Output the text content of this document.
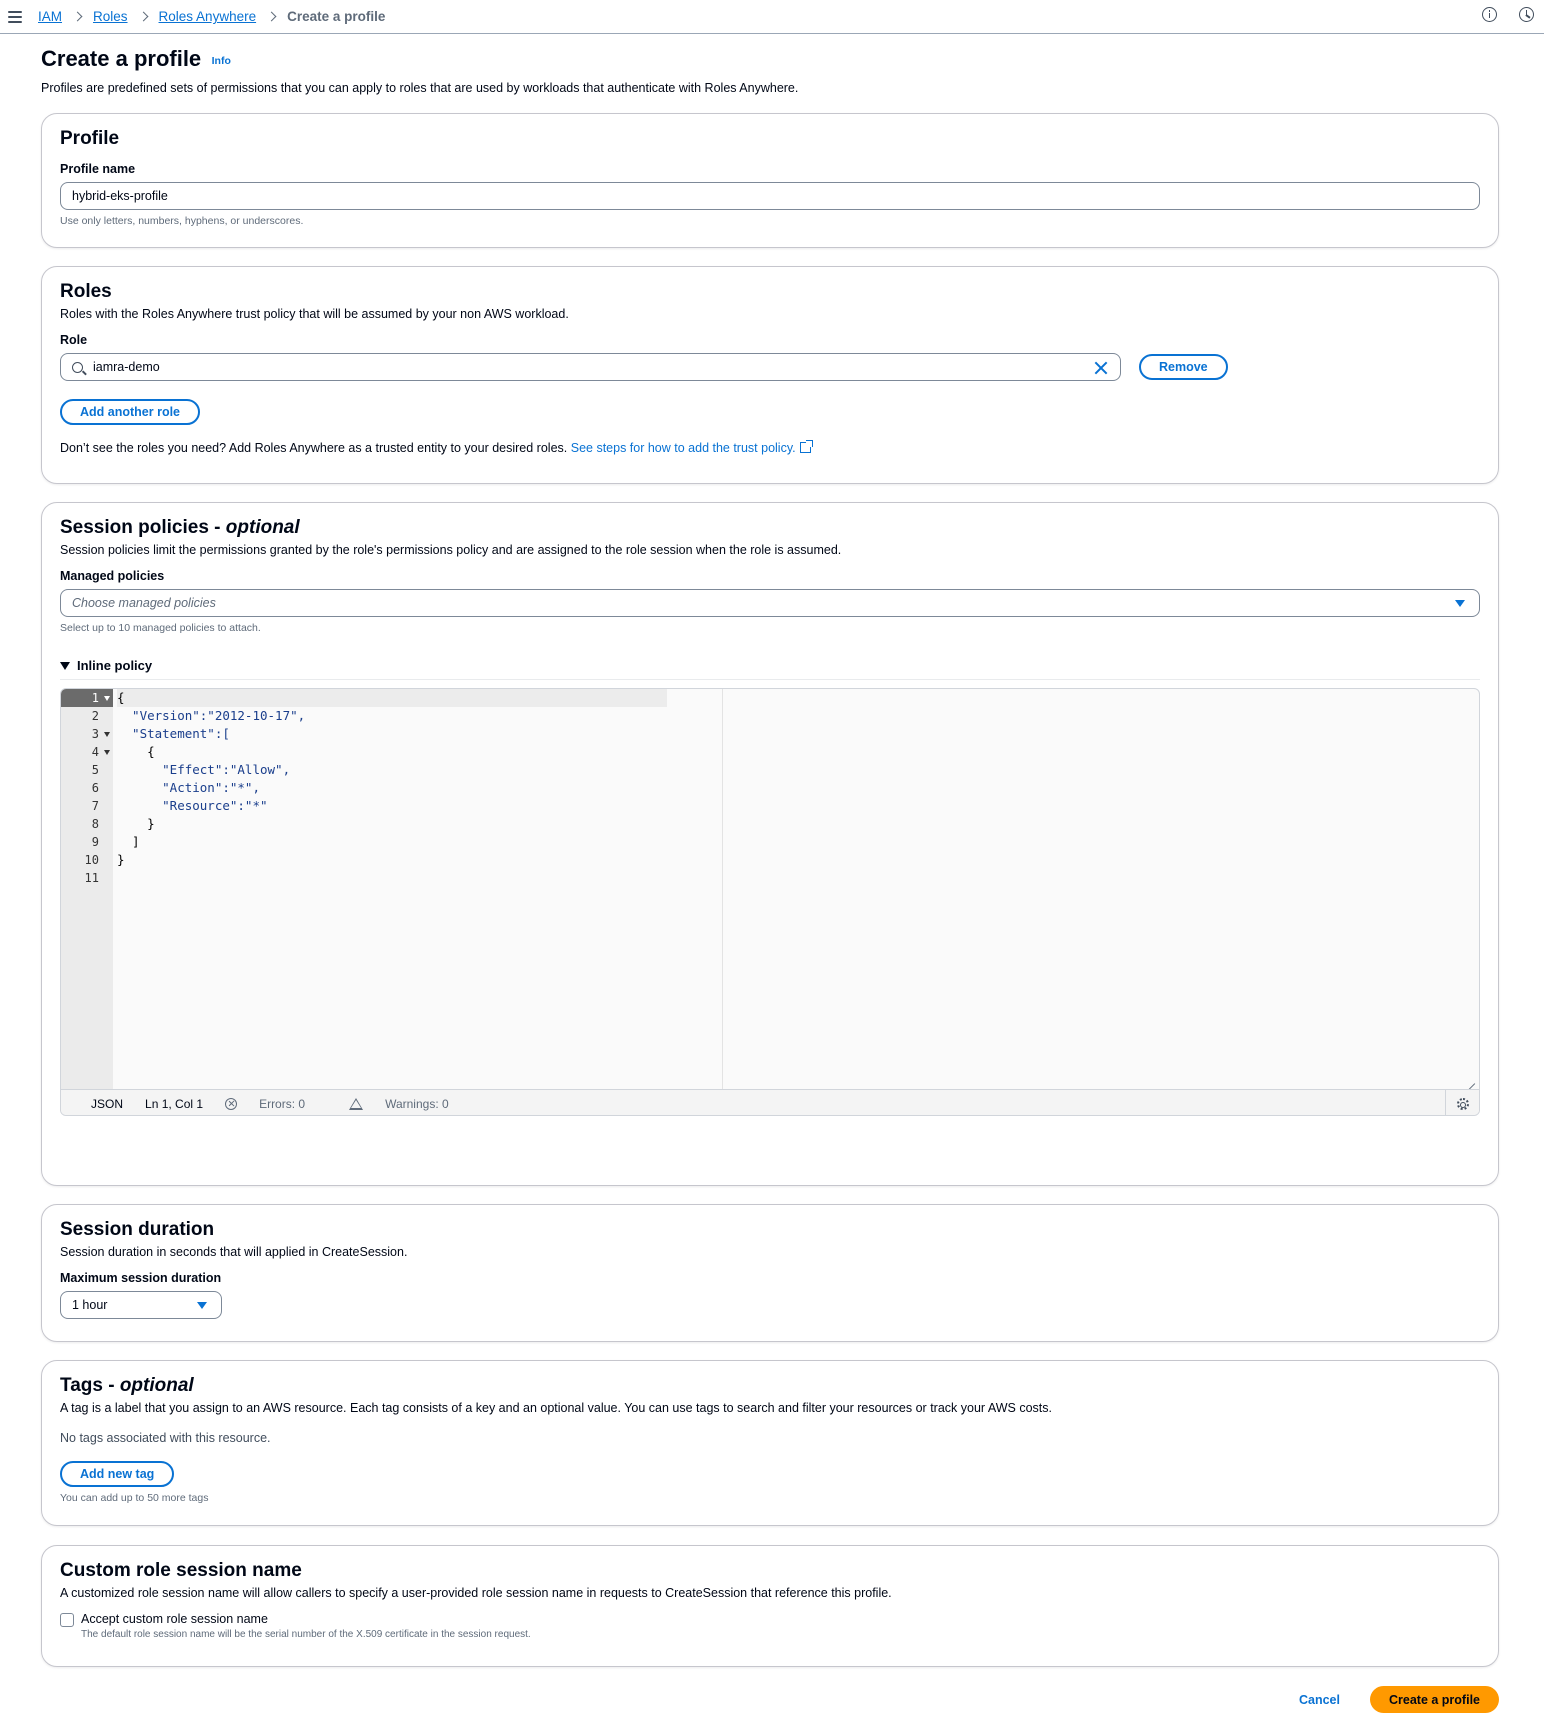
IAM Roles Roles Anywhere Create a profile
Create a profile Info

Profiles are predefined sets of permissions that you can apply to roles that are used by workloads that authenticate with Roles Anywhere.

Profile
Profile name
hybrid-eks-profile
Use only letters, numbers, hyphens, or underscores.
Roles
Roles with the Roles Anywhere trust policy that will be assumed by your non AWS workload.
Role
iamra-demo	Remove
Add another role
Don’t see the roles you need? Add Roles Anywhere as a trusted entity to your desired roles. See steps for how to add the trust policy.
Session policies - optional
Session policies limit the permissions granted by the role's permissions policy and are assigned to the role session when the role is assumed.
Managed policies
Choose managed policies
Select up to 10 managed policies to attach.
Inline policy
1
2
3
4
5
6
7
8
9
10
11
{
"Version":"2012-10-17",
"Statement":[
{
"Effect":"Allow",
"Action":"*",
"Resource":"*"
}
]
}
JSON Ln 1, Col 1	Errors: 0	Warnings: 0
Session duration
Session duration in seconds that will applied in CreateSession.
Maximum session duration
1 hour
Tags - optional
A tag is a label that you assign to an AWS resource. Each tag consists of a key and an optional value. You can use tags to search and filter your resources or track your AWS costs.
No tags associated with this resource.
Add new tag
You can add up to 50 more tags
Custom role session name
A customized role session name will allow callers to specify a user-provided role session name in requests to CreateSession that reference this profile.
Accept custom role session name
The default role session name will be the serial number of the X.509 certificate in the session request.
Cancel	Create a profile
